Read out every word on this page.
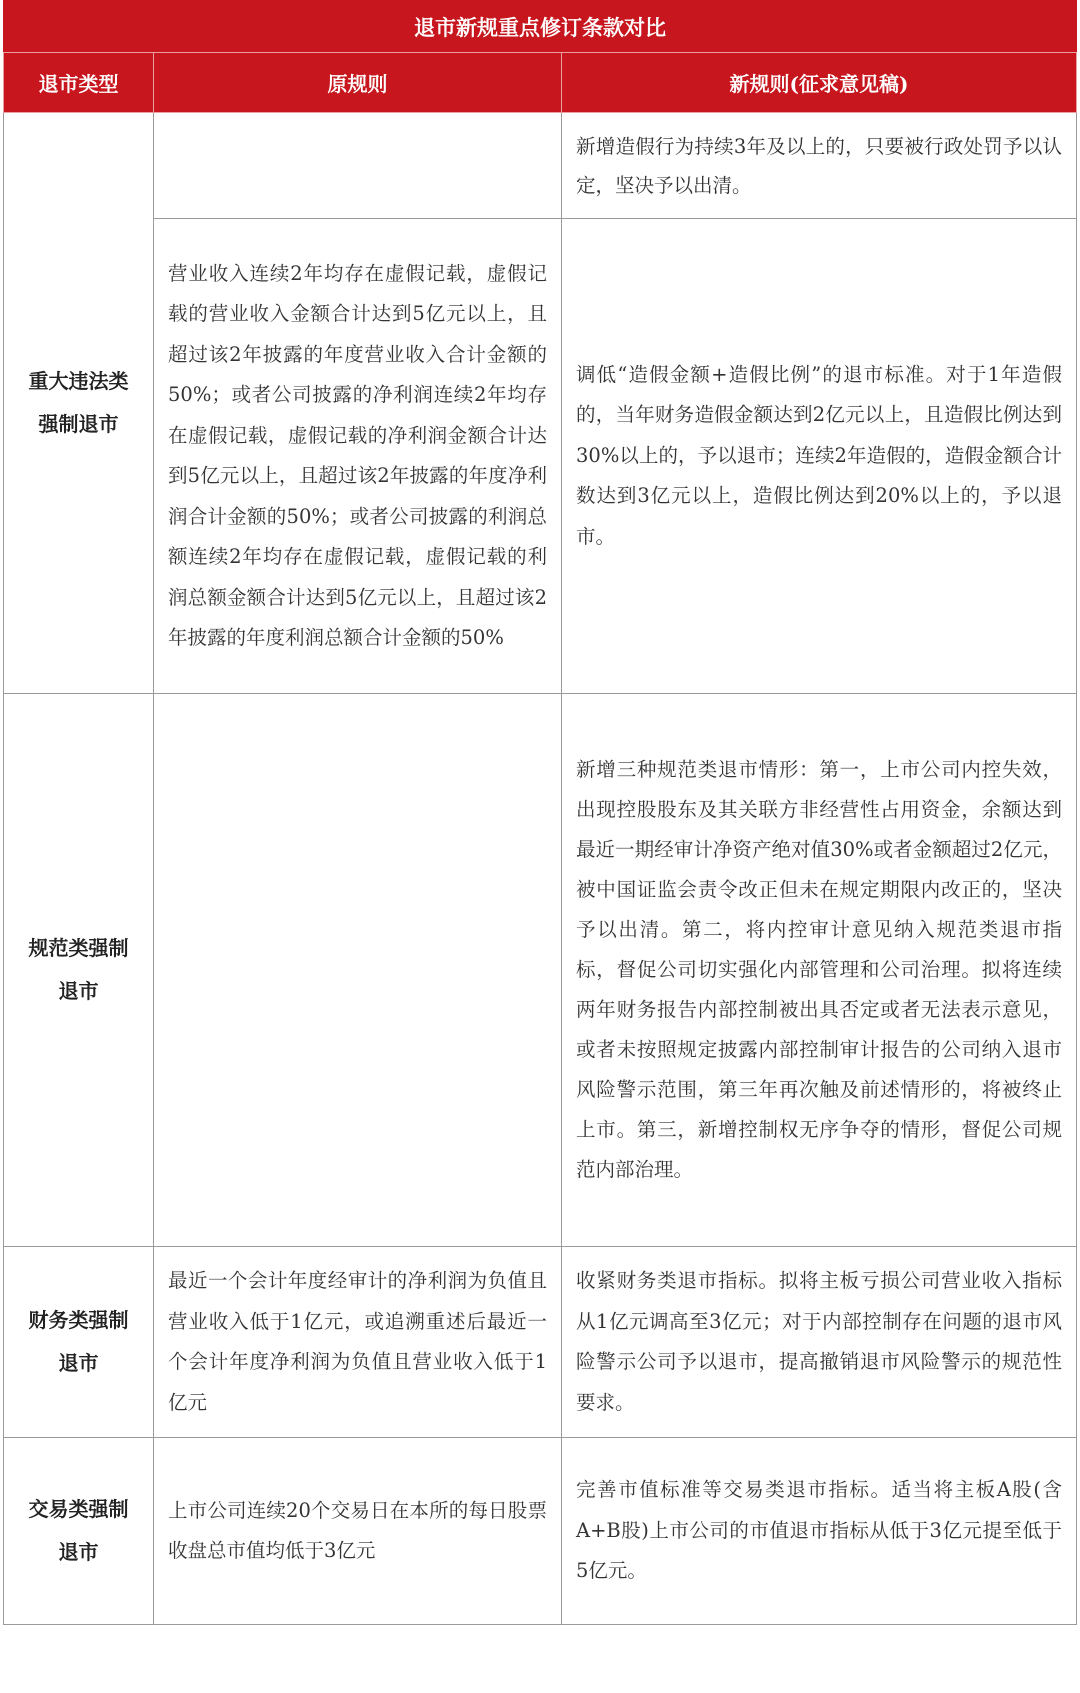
退市新规重点修订条款对比		
退市类型	原规则	新规则(征求意见稿)
重大违法类
强制退市		新增造假行为持续3年及以上的，只要被行政处罚予以认定，坚决予以出清。
	营业收入连续2年均存在虚假记载，虚假记载的营业收入金额合计达到5亿元以上，且超过该2年披露的年度营业收入合计金额的50%；或者公司披露的净利润连续2年均存在虚假记载，虚假记载的净利润金额合计达到5亿元以上，且超过该2年披露的年度净利润合计金额的50%；或者公司披露的利润总额连续2年均存在虚假记载，虚假记载的利润总额金额合计达到5亿元以上，且超过该2年披露的年度利润总额合计金额的50%	调低“造假金额+造假比例”的退市标准。对于1年造假的，当年财务造假金额达到2亿元以上，且造假比例达到30%以上的，予以退市；连续2年造假的，造假金额合计数达到3亿元以上，造假比例达到20%以上的，予以退市。
规范类强制
退市		新增三种规范类退市情形：第一，上市公司内控失效，出现控股股东及其关联方非经营性占用资金，余额达到最近一期经审计净资产绝对值30%或者金额超过2亿元，被中国证监会责令改正但未在规定期限内改正的，坚决予以出清。第二，将内控审计意见纳入规范类退市指标，督促公司切实强化内部管理和公司治理。拟将连续两年财务报告内部控制被出具否定或者无法表示意见，或者未按照规定披露内部控制审计报告的公司纳入退市风险警示范围，第三年再次触及前述情形的，将被终止上市。第三，新增控制权无序争夺的情形，督促公司规范内部治理。
财务类强制
退市	最近一个会计年度经审计的净利润为负值且营业收入低于1亿元，或追溯重述后最近一个会计年度净利润为负值且营业收入低于1亿元	收紧财务类退市指标。拟将主板亏损公司营业收入指标从1亿元调高至3亿元；对于内部控制存在问题的退市风险警示公司予以退市，提高撤销退市风险警示的规范性要求。
交易类强制
退市	上市公司连续20个交易日在本所的每日股票收盘总市值均低于3亿元	完善市值标准等交易类退市指标。适当将主板A股(含A+B股)上市公司的市值退市指标从低于3亿元提至低于5亿元。
